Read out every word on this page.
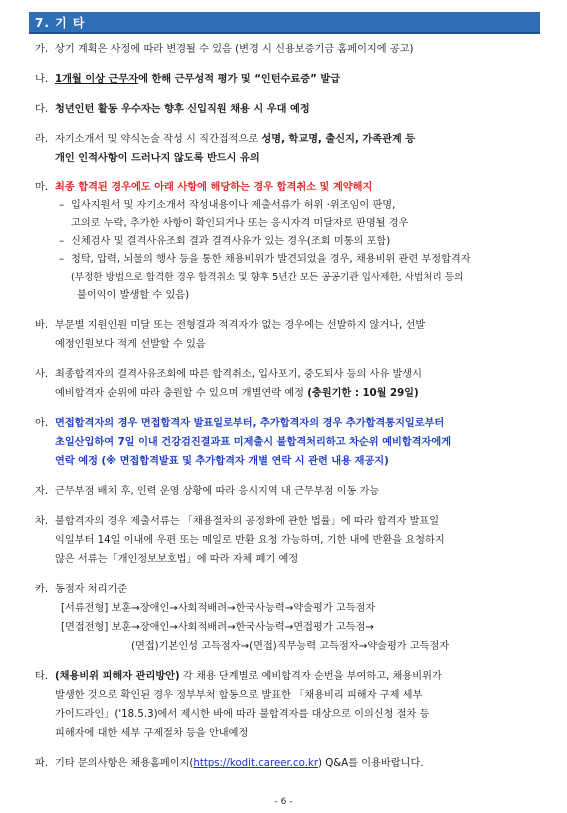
7. 기 타
가. 상기 계획은 사정에 따라 변경될 수 있음 (변경 시 신용보증기금 홈페이지에 공고)
나. 1개월 이상 근무자에 한해 근무성적 평가 및 “인턴수료증” 발급
다. 청년인턴 활동 우수자는 향후 신입직원 채용 시 우대 예정
라. 자기소개서 및 약식논술 작성 시 직간접적으로 성명, 학교명, 출신지, 가족관계 등
개인 인적사항이 드러나지 않도록 반드시 유의
마. 최종 합격된 경우에도 아래 사항에 해당하는 경우 합격취소 및 계약해지
– 입사지원서 및 자기소개서 작성내용이나 제출서류가 허위 ·위조임이 판명,
고의로 누락, 추가한 사항이 확인되거나 또는 응시자격 미달자로 판명될 경우
– 신체검사 및 결격사유조회 결과 결격사유가 있는 경우(조회 미통의 포함)
– 청탁, 압력, 뇌물의 행사 등을 통한 채용비위가 발견되었을 경우, 채용비위 관련 부정합격자
(부정한 방법으로 합격한 경우 합격취소 및 향후 5년간 모든 공공기관 입사제한, 사법처리 등의
불이익이 발생할 수 있음)
바. 부문별 지원인원 미달 또는 전형결과 적격자가 없는 경우에는 선발하지 않거나, 선발
예정인원보다 적게 선발할 수 있음
사. 최종합격자의 결격사유조회에 따른 합격취소, 입사포기, 중도퇴사 등의 사유 발생시
예비합격자 순위에 따라 충원할 수 있으며 개별연락 예정 (충원기한 : 10월 29일)
아. 면접합격자의 경우 면접합격자 발표일로부터, 추가합격자의 경우 추가합격통지일로부터
초일산입하여 7일 이내 건강검진결과표 미제출시 불합격처리하고 차순위 예비합격자에게
연락 예정 (※ 면접합격발표 및 추가합격자 개별 연락 시 관련 내용 재공지)
자. 근무부점 배치 후, 인력 운영 상황에 따라 응시지역 내 근무부점 이동 가능
차. 불합격자의 경우 제출서류는 「채용절차의 공정화에 관한 법률」에 따라 합격자 발표일
익일부터 14일 이내에 우편 또는 메일로 반환 요청 가능하며, 기한 내에 반환을 요청하지
않은 서류는「개인정보보호법」에 따라 자체 폐기 예정
카. 동점자 처리기준
[서류전형] 보훈→장애인→사회적배려→한국사능력→약술평가 고득점자
[면접전형] 보훈→장애인→사회적배려→한국사능력→면접평가 고득점→
(면접)기본인성 고득점자→(면접)직무능력 고득점자→약술평가 고득점자
타. (채용비위 피해자 관리방안) 각 채용 단계별로 예비합격자 순번을 부여하고, 채용비위가
발생한 것으로 확인된 경우 정부부처 합동으로 발표한 「채용비리 피해자 구제 세부
가이드라인」('18.5.3)에서 제시한 바에 따라 불합격자를 대상으로 이의신청 절차 등
피해자에 대한 세부 구제절차 등을 안내예정
파. 기타 문의사항은 채용홈페이지(https://kodit.career.co.kr) Q&A를 이용바랍니다.
- 6 -
